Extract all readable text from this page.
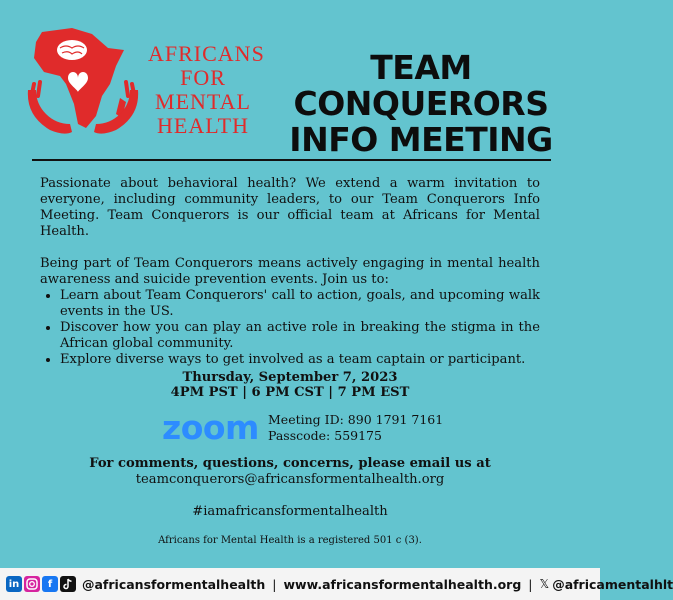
AFRICANS
FOR
MENTAL
HEALTH
TEAM CONQUERORS
INFO MEETING

Passionate about behavioral health? We extend a warm invitation to everyone, including community leaders, to our Team Conquerors Info Meeting. Team Conquerors is our official team at Africans for Mental Health.

Being part of Team Conquerors means actively engaging in mental health awareness and suicide prevention events. Join us to:

• Learn about Team Conquerors' call to action, goals, and upcoming walk events in the US.
• Discover how you can play an active role in breaking the stigma in the African global community.
• Explore diverse ways to get involved as a team captain or participant.
Thursday, September 7, 2023
4PM PST | 6 PM CST | 7 PM EST
zoom Meeting ID: 890 1791 7161
Passcode: 559175
For comments, questions, concerns, please email us at
teamconquerors@africansformentalhealth.org
#iamafricansformentalhealth
Africans for Mental Health is a registered 501 c (3).
in	f	@africansformentalhealth | www.africansformentalhealth.org | 𝕏 @africamentalhlt
